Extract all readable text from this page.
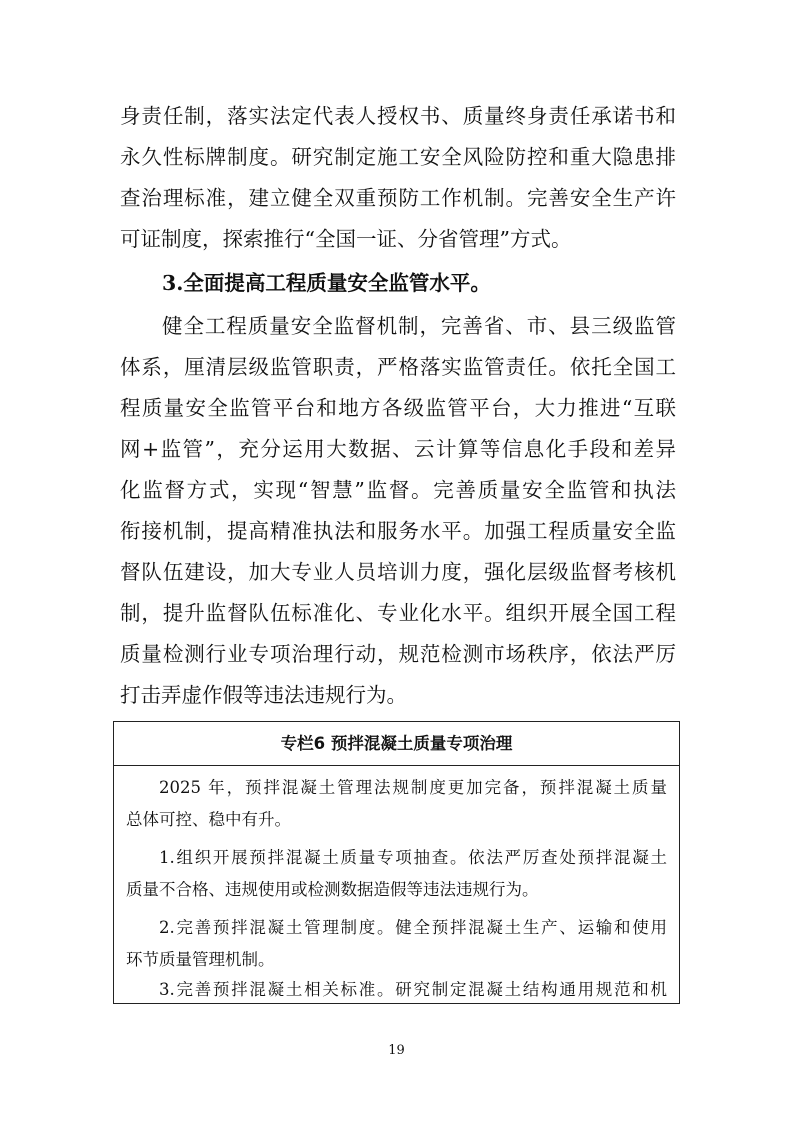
身责任制，落实法定代表人授权书、质量终身责任承诺书和
永久性标牌制度。研究制定施工安全风险防控和重大隐患排
查治理标准，建立健全双重预防工作机制。完善安全生产许
可证制度，探索推行“全国一证、分省管理”方式。
3.全面提高工程质量安全监管水平。
健全工程质量安全监督机制，完善省、市、县三级监管
体系，厘清层级监管职责，严格落实监管责任。依托全国工
程质量安全监管平台和地方各级监管平台，大力推进“互联
网+监管”，充分运用大数据、云计算等信息化手段和差异
化监督方式，实现“智慧”监督。完善质量安全监管和执法
衔接机制，提高精准执法和服务水平。加强工程质量安全监
督队伍建设，加大专业人员培训力度，强化层级监督考核机
制，提升监督队伍标准化、专业化水平。组织开展全国工程
质量检测行业专项治理行动，规范检测市场秩序，依法严厉
打击弄虚作假等违法违规行为。
专栏6 预拌混凝土质量专项治理
2025 年，预拌混凝土管理法规制度更加完备，预拌混凝土质量
总体可控、稳中有升。
1.组织开展预拌混凝土质量专项抽查。依法严厉查处预拌混凝土
质量不合格、违规使用或检测数据造假等违法违规行为。
2.完善预拌混凝土管理制度。健全预拌混凝土生产、运输和使用
环节质量管理机制。
3.完善预拌混凝土相关标准。研究制定混凝土结构通用规范和机
19
